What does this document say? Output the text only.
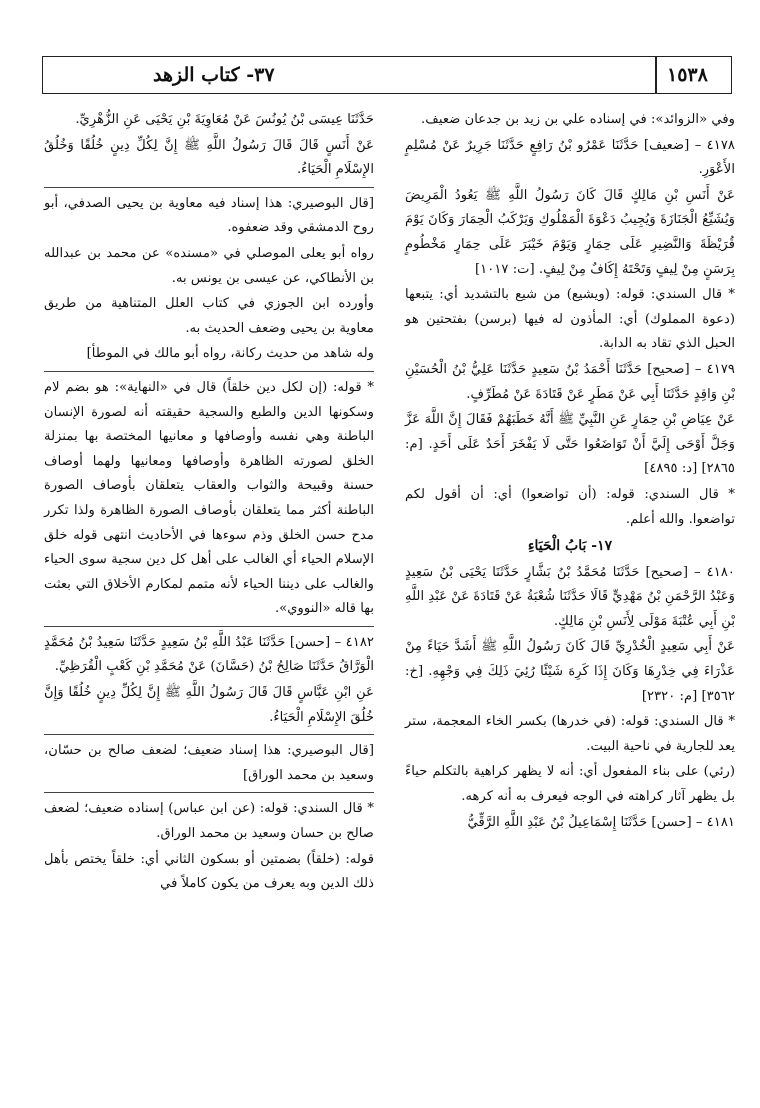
٣٧- كتاب الزهد	١٥٣٨

وفي «الزوائد»: في إسناده علي بن زيد بن جدعان ضعيف.

٤١٧٨ – [ضعيف] حَدَّثَنَا عَمْرُو بْنُ رَافِعٍ حَدَّثَنَا جَرِيرٌ عَنْ مُسْلِمٍ الأَعْوَرِ.

عَنْ أَنَسِ بْنِ مَالِكٍ قَالَ كَانَ رَسُولُ اللَّهِ ﷺ يَعُودُ الْمَرِيضَ وَيُشَيِّعُ الْجَنَازَةَ وَيُجِيبُ دَعْوَةَ الْمَمْلُوكِ وَيَرْكَبُ الْحِمَارَ وَكَانَ يَوْمَ قُرَيْظَةَ وَالنَّضِيرِ عَلَى حِمَارٍ وَيَوْمَ خَيْبَرَ عَلَى حِمَارٍ مَخْطُومٍ بِرَسَنٍ مِنْ لِيفٍ وَتَحْتَهُ إِكَافٌ مِنْ لِيفٍ. [ت: ١٠١٧]

* قال السندي: قوله: (ويشيع) من شيع بالتشديد أي: يتبعها (دعوة المملوك) أي: المأذون له فيها (برسن) بفتحتين هو الحبل الذي تقاد به الدابة.

٤١٧٩ – [صحيح] حَدَّثَنَا أَحْمَدُ بْنُ سَعِيدٍ حَدَّثَنَا عَلِيُّ بْنُ الْحُسَيْنِ بْنِ وَاقِدٍ حَدَّثَنَا أَبِي عَنْ مَطَرٍ عَنْ قَتَادَةَ عَنْ مُطَرِّفٍ.

عَنْ عِيَاضِ بْنِ حِمَارٍ عَنِ النَّبِيِّ ﷺ أَنَّهُ خَطَبَهُمْ فَقَالَ إِنَّ اللَّهَ عَزَّ وَجَلَّ أَوْحَى إِلَيَّ أَنْ تَوَاضَعُوا حَتَّى لَا يَفْخَرَ أَحَدٌ عَلَى أَحَدٍ. [م: ٢٨٦٥] [د: ٤٨٩٥]

* قال السندي: قوله: (أن تواضعوا) أي: أن أقول لكم تواضعوا. والله أعلم.

١٧- بَابُ الْحَيَاءِ

٤١٨٠ – [صحيح] حَدَّثَنَا مُحَمَّدُ بْنُ بَشَّارٍ حَدَّثَنَا يَحْيَى بْنُ سَعِيدٍ وَعَبْدُ الرَّحْمَنِ بْنُ مَهْدِيٍّ قَالَا حَدَّثَنَا شُعْبَةُ عَنْ قَتَادَةَ عَنْ عَبْدِ اللَّهِ بْنِ أَبِي عُتْبَةَ مَوْلَى لِأَنَسِ بْنِ مَالِكٍ.

عَنْ أَبِي سَعِيدٍ الْخُدْرِيِّ قَالَ كَانَ رَسُولُ اللَّهِ ﷺ أَشَدَّ حَيَاءً مِنْ عَذْرَاءَ فِي خِدْرِهَا وَكَانَ إِذَا كَرِهَ شَيْئًا رُئِيَ ذَلِكَ فِي وَجْهِهِ. [خ: ٣٥٦٢] [م: ٢٣٢٠]

* قال السندي: قوله: (في خدرها) بكسر الخاء المعجمة، ستر يعد للجارية في ناحية البيت.

(رئي) على بناء المفعول أي: أنه لا يظهر كراهية بالتكلم حياءً بل يظهر آثار كراهته في الوجه فيعرف به أنه كرهه.

٤١٨١ – [حسن] حَدَّثَنَا إِسْمَاعِيلُ بْنُ عَبْدِ اللَّهِ الرَّقِّيُّ

حَدَّثَنَا عِيسَى بْنُ يُونُسَ عَنْ مُعَاوِيَةَ بْنِ يَحْيَى عَنِ الزُّهْرِيِّ.

عَنْ أَنَسٍ قَالَ قَالَ رَسُولُ اللَّهِ ﷺ إِنَّ لِكُلِّ دِينٍ خُلُقًا وَخُلُقُ الإِسْلَامِ الْحَيَاءُ.

[قال البوصيري: هذا إسناد فيه معاوية بن يحيى الصدفي، أبو روح الدمشقي وقد ضعفوه.

رواه أبو يعلى الموصلي في «مسنده» عن محمد بن عبدالله بن الأنطاكي، عن عيسى بن يونس به.

وأورده ابن الجوزي في كتاب العلل المتناهية من طريق معاوية بن يحيى وضعف الحديث به.

وله شاهد من حديث ركانة، رواه أبو مالك في الموطأ]

* قوله: (إن لكل دين خلقاً) قال في «النهاية»: هو بضم لام وسكونها الدين والطبع والسجية حقيقته أنه لصورة الإنسان الباطنة وهي نفسه وأوصافها و معانيها المختصة بها بمنزلة الخلق لصورته الظاهرة وأوصافها ومعانيها ولهما أوصاف حسنة وقبيحة والثواب والعقاب يتعلقان بأوصاف الصورة الباطنة أكثر مما يتعلقان بأوصاف الصورة الظاهرة ولذا تكرر مدح حسن الخلق وذم سوءها في الأحاديث انتهى قوله خلق الإسلام الحياء أي الغالب على أهل كل دين سجية سوى الحياء والغالب على ديننا الحياء لأنه متمم لمكارم الأخلاق التي بعثت بها قاله «النووي».

٤١٨٢ – [حسن] حَدَّثَنَا عَبْدُ اللَّهِ بْنُ سَعِيدٍ حَدَّثَنَا سَعِيدُ بْنُ مُحَمَّدٍ الْوَرَّاقُ حَدَّثَنَا صَالِحُ بْنُ (حَسَّانَ) عَنْ مُحَمَّدِ بْنِ كَعْبٍ الْقُرَظِيِّ.

عَنِ ابْنِ عَبَّاسٍ قَالَ قَالَ رَسُولُ اللَّهِ ﷺ إِنَّ لِكُلِّ دِينٍ خُلُقًا وَإِنَّ خُلُقَ الإِسْلَامِ الْحَيَاءُ.

[قال البوصيري: هذا إسناد ضعيف؛ لضعف صالح بن حسّان، وسعيد بن محمد الوراق]

* قال السندي: قوله: (عن ابن عباس) إسناده ضعيف؛ لضعف صالح بن حسان وسعيد بن محمد الوراق.

قوله: (خلقاً) بضمتين أو بسكون الثاني أي: خلقاً يختص بأهل ذلك الدين وبه يعرف من يكون كاملاً في
